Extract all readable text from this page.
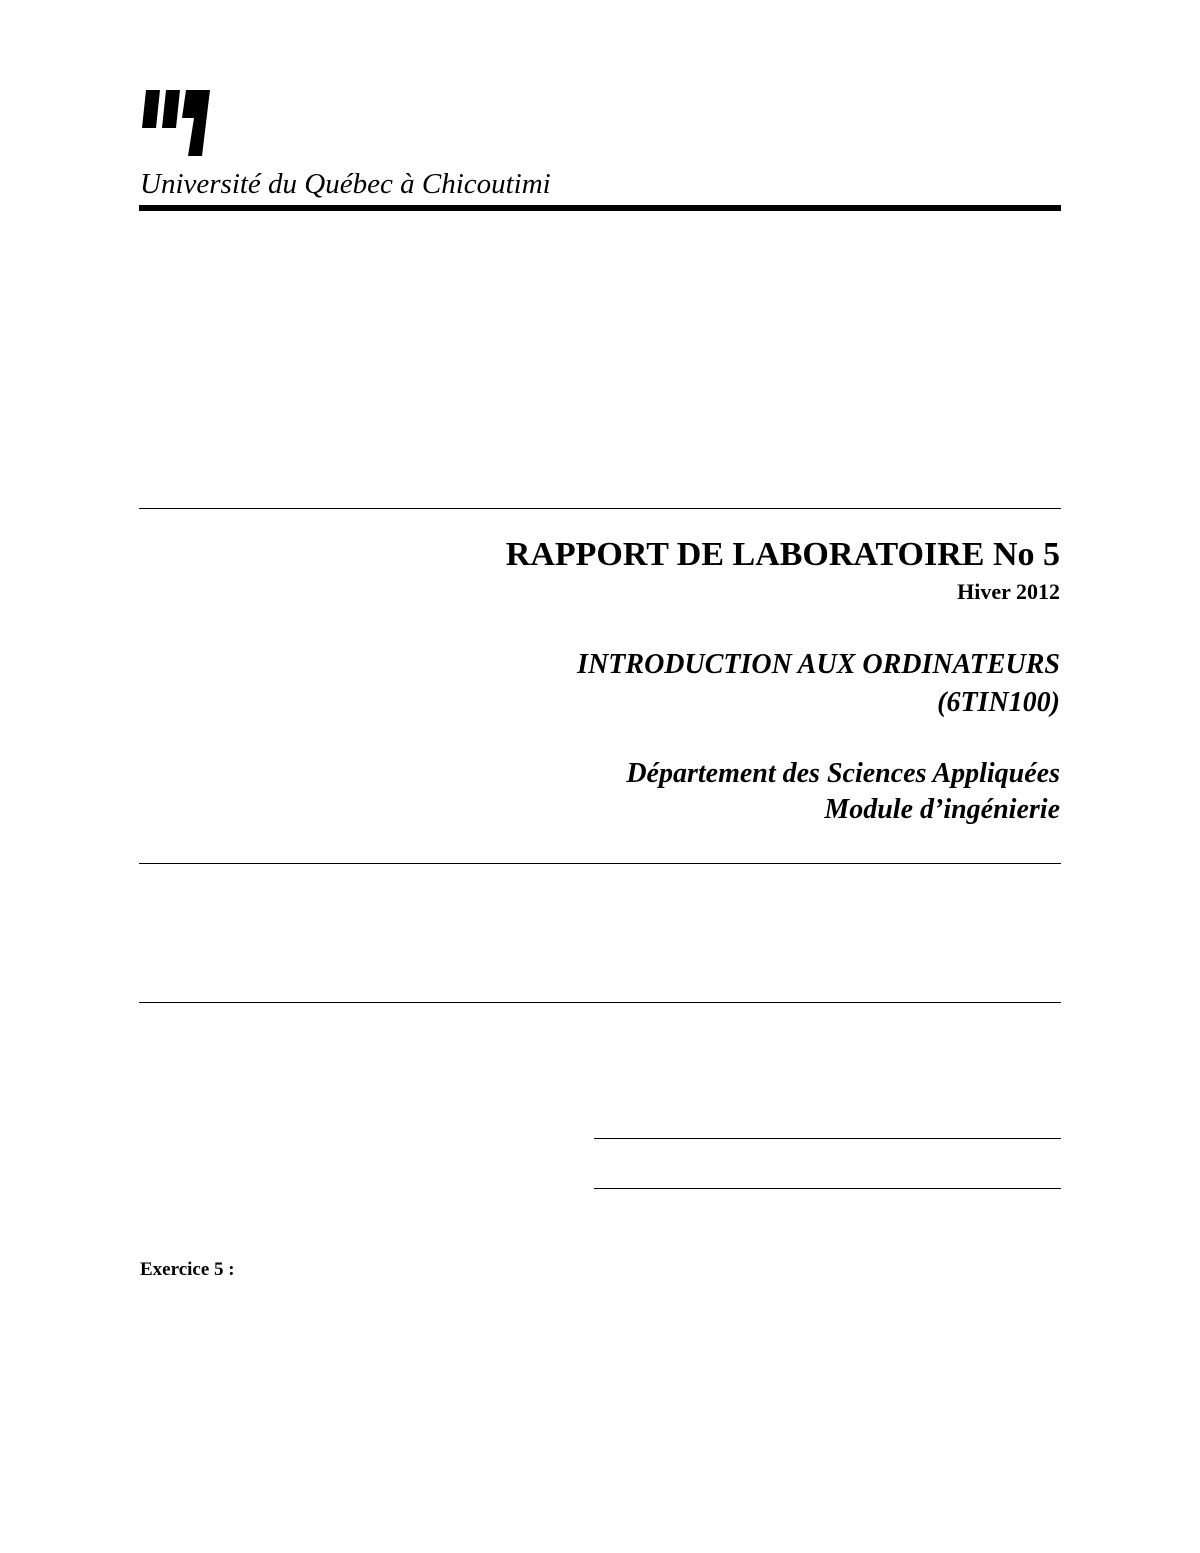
Université du Québec à Chicoutimi
RAPPORT DE LABORATOIRE No 5
Hiver 2012
INTRODUCTION AUX ORDINATEURS
(6TIN100)
Département des Sciences Appliquées
Module d’ingénierie
Exercice 5 :
